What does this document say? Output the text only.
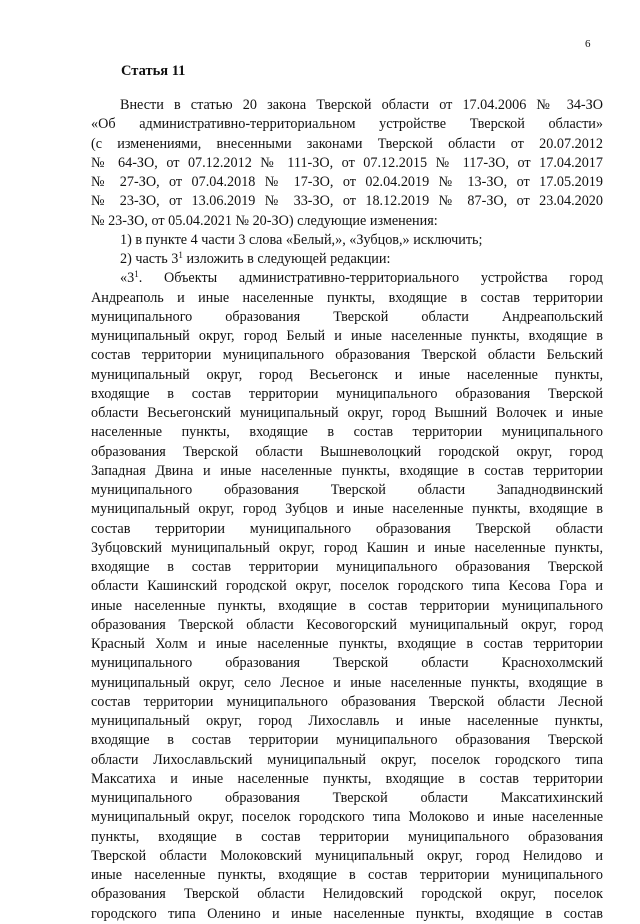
6
Статья 11
Внести в статью 20 закона Тверской области от 17.04.2006 № 34-ЗО
«Об административно-территориальном устройстве Тверской области»
(с изменениями, внесенными законами Тверской области от 20.07.2012
№ 64-ЗО, от 07.12.2012 № 111-ЗО, от 07.12.2015 № 117-ЗО, от 17.04.2017
№ 27-ЗО, от 07.04.2018 № 17-ЗО, от 02.04.2019 № 13-ЗО, от 17.05.2019
№ 23-ЗО, от 13.06.2019 № 33-ЗО, от 18.12.2019 № 87-ЗО, от 23.04.2020
№ 23-ЗО, от 05.04.2021 № 20-ЗО) следующие изменения:
1) в пункте 4 части 3 слова «Белый,», «Зубцов,» исключить;
2) часть $3^1$ изложить в следующей редакции:
«$3^1$. Объекты административно-территориального устройства город
Андреаполь и иные населенные пункты, входящие в состав территории
муниципального образования Тверской области Андреапольский
муниципальный округ, город Белый и иные населенные пункты, входящие в
состав территории муниципального образования Тверской области Бельский
муниципальный округ, город Весьегонск и иные населенные пункты,
входящие в состав территории муниципального образования Тверской
области Весьегонский муниципальный округ, город Вышний Волочек и иные
населенные пункты, входящие в состав территории муниципального
образования Тверской области Вышневолоцкий городской округ, город
Западная Двина и иные населенные пункты, входящие в состав территории
муниципального образования Тверской области Западнодвинский
муниципальный округ, город Зубцов и иные населенные пункты, входящие в
состав территории муниципального образования Тверской области
Зубцовский муниципальный округ, город Кашин и иные населенные пункты,
входящие в состав территории муниципального образования Тверской
области Кашинский городской округ, поселок городского типа Кесова Гора и
иные населенные пункты, входящие в состав территории муниципального
образования Тверской области Кесовогорский муниципальный округ, город
Красный Холм и иные населенные пункты, входящие в состав территории
муниципального образования Тверской области Краснохолмский
муниципальный округ, село Лесное и иные населенные пункты, входящие в
состав территории муниципального образования Тверской области Лесной
муниципальный округ, город Лихославль и иные населенные пункты,
входящие в состав территории муниципального образования Тверской
области Лихославльский муниципальный округ, поселок городского типа
Максатиха и иные населенные пункты, входящие в состав территории
муниципального образования Тверской области Максатихинский
муниципальный округ, поселок городского типа Молоково и иные населенные
пункты, входящие в состав территории муниципального образования
Тверской области Молоковский муниципальный округ, город Нелидово и
иные населенные пункты, входящие в состав территории муниципального
образования Тверской области Нелидовский городской округ, поселок
городского типа Оленино и иные населенные пункты, входящие в состав
